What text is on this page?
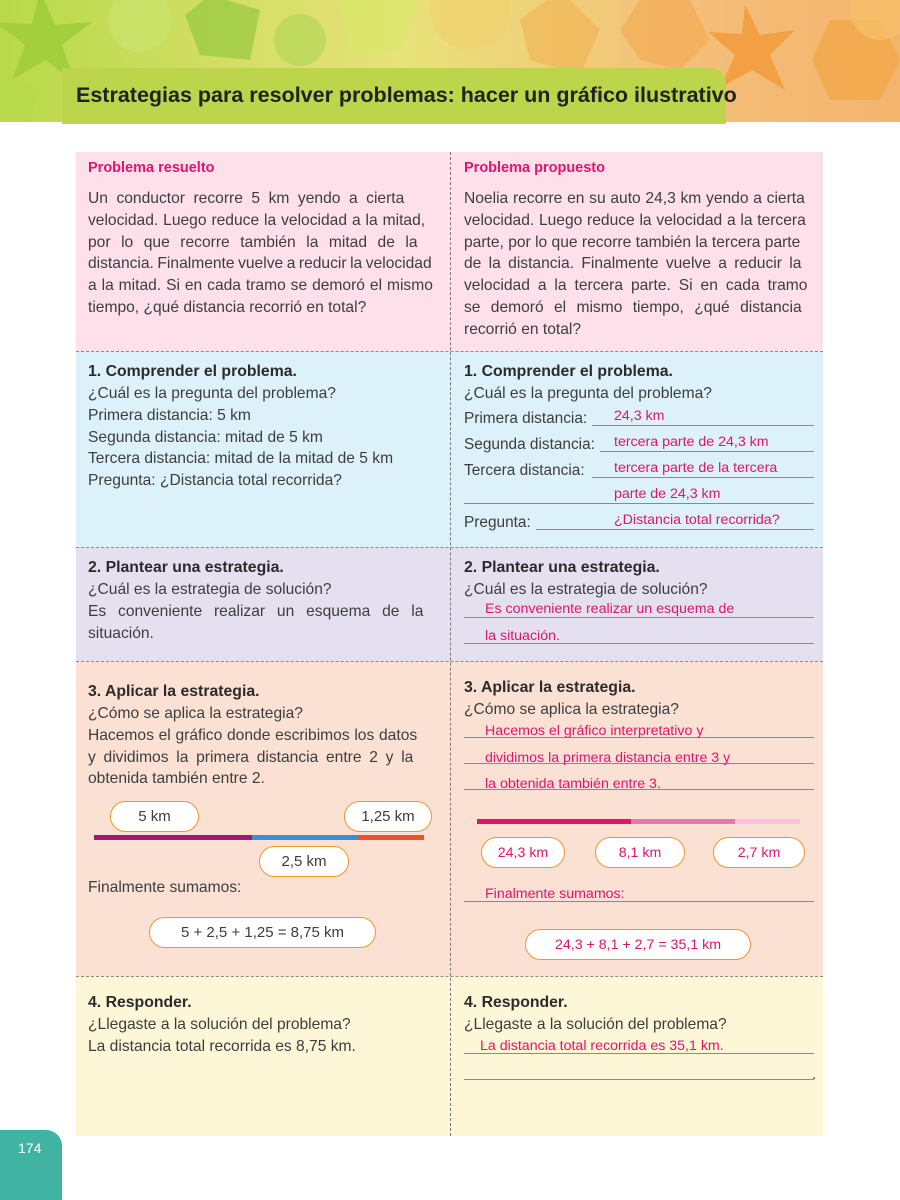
Estrategias para resolver problemas: hacer un gráfico ilustrativo
Problema resuelto	Problema propuesto
Un conductor recorre 5 km yendo a cierta
velocidad. Luego reduce la velocidad a la mitad,
por lo que recorre también la mitad de la
distancia. Finalmente vuelve a reducir la velocidad
a la mitad. Si en cada tramo se demoró el mismo
tiempo, ¿qué distancia recorrió en total?
Noelia recorre en su auto 24,3 km yendo a cierta
velocidad. Luego reduce la velocidad a la tercera
parte, por lo que recorre también la tercera parte
de la distancia. Finalmente vuelve a reducir la
velocidad a la tercera parte. Si en cada tramo
se demoró el mismo tiempo, ¿qué distancia
recorrió en total?
1. Comprender el problema.
¿Cuál es la pregunta del problema?
Primera distancia: 5 km
Segunda distancia: mitad de 5 km
Tercera distancia: mitad de la mitad de 5 km
Pregunta: ¿Distancia total recorrida?
1. Comprender el problema.
¿Cuál es la pregunta del problema?
Primera distancia: 24,3 km
Segunda distancia: tercera parte de 24,3 km
Tercera distancia: tercera parte de la tercera
parte de 24,3 km
Pregunta:	¿Distancia total recorrida?
2. Plantear una estrategia.
¿Cuál es la estrategia de solución?
Es conveniente realizar un esquema de la
situación.
2. Plantear una estrategia.
¿Cuál es la estrategia de solución?
Es conveniente realizar un esquema de
la situación.
3. Aplicar la estrategia.
¿Cómo se aplica la estrategia?
Hacemos el gráfico donde escribimos los datos
y dividimos la primera distancia entre 2 y la
obtenida también entre 2.
5 km	1,25 km
2,5 km
Finalmente sumamos:
5 + 2,5 + 1,25 = 8,75 km
3. Aplicar la estrategia.
¿Cómo se aplica la estrategia?
Hacemos el gráfico interpretativo y
dividimos la primera distancia entre 3 y
la obtenida también entre 3.
24,3 km	8,1 km	2,7 km
Finalmente sumamos:
24,3 + 8,1 + 2,7 = 35,1 km
4. Responder.
¿Llegaste a la solución del problema?
La distancia total recorrida es 8,75 km.
4. Responder.
¿Llegaste a la solución del problema?
La distancia total recorrida es 35,1 km.
.
174
